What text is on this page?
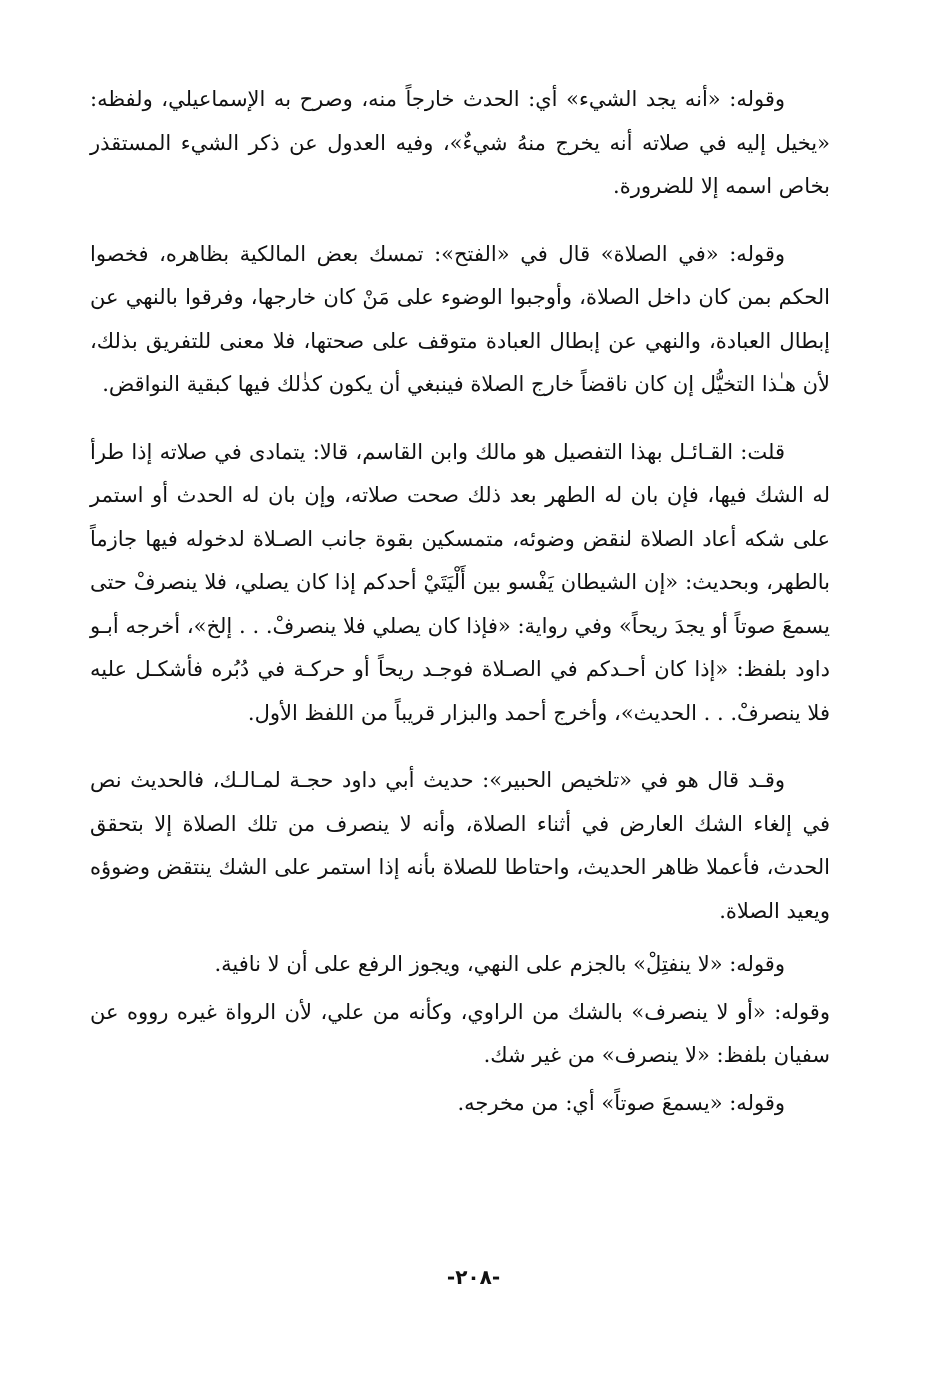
وقوله: «أنه يجد الشيء» أي: الحدث خارجاً منه، وصرح به الإسماعيلي، ولفظه: «يخيل إليه في صلاته أنه يخرج منهُ شيءٌ»، وفيه العدول عن ذكر الشيء المستقذر بخاص اسمه إلا للضرورة.

وقوله: «في الصلاة» قال في «الفتح»: تمسك بعض المالكية بظاهره، فخصوا الحكم بمن كان داخل الصلاة، وأوجبوا الوضوء على مَنْ كان خارجها، وفرقوا بالنهي عن إبطال العبادة، والنهي عن إبطال العبادة متوقف على صحتها، فلا معنى للتفريق بذلك، لأن هـٰذا التخيُّل إن كان ناقضاً خارج الصلاة فينبغي أن يكون كذٰلك فيها كبقية النواقض.

قلت: القـائـل بهذا التفصيل هو مالك وابن القاسم، قالا: يتمادى في صلاته إذا طرأ له الشك فيها، فإن بان له الطهر بعد ذلك صحت صلاته، وإن بان له الحدث أو استمر على شكه أعاد الصلاة لنقض وضوئه، متمسكين بقوة جانب الصـلاة لدخوله فيها جازماً بالطهر، وبحديث: «إن الشيطان يَفْسو بين أَلْيَتَيْ أحدكم إذا كان يصلي، فلا ينصرفْ حتى يسمعَ صوتاً أو يجدَ ريحاً» وفي رواية: «فإذا كان يصلي فلا ينصرفْ. . . إلخ»، أخرجه أبـو داود بلفظ: «إذا كان أحـدكم في الصـلاة فوجـد ريحاً أو حركـة في دُبُره فأشكـل عليه فلا ينصرفْ. . . الحديث»، وأخرج أحمد والبزار قريباً من اللفظ الأول.

وقـد قال هو في «تلخيص الحبير»: حديث أبي داود حجـة لمـالـك، فالحديث نص في إلغاء الشك العارض في أثناء الصلاة، وأنه لا ينصرف من تلك الصلاة إلا بتحقق الحدث، فأعملا ظاهر الحديث، واحتاطا للصلاة بأنه إذا استمر على الشك ينتقض وضوؤه ويعيد الصلاة.

وقوله: «لا ينفتِلْ» بالجزم على النهي، ويجوز الرفع على أن لا نافية.

وقوله: «أو لا ينصرف» بالشك من الراوي، وكأنه من علي، لأن الرواة غيره رووه عن سفيان بلفظ: «لا ينصرف» من غير شك.

وقوله: «يسمعَ صوتاً» أي: من مخرجه.

-٢٠٨-
